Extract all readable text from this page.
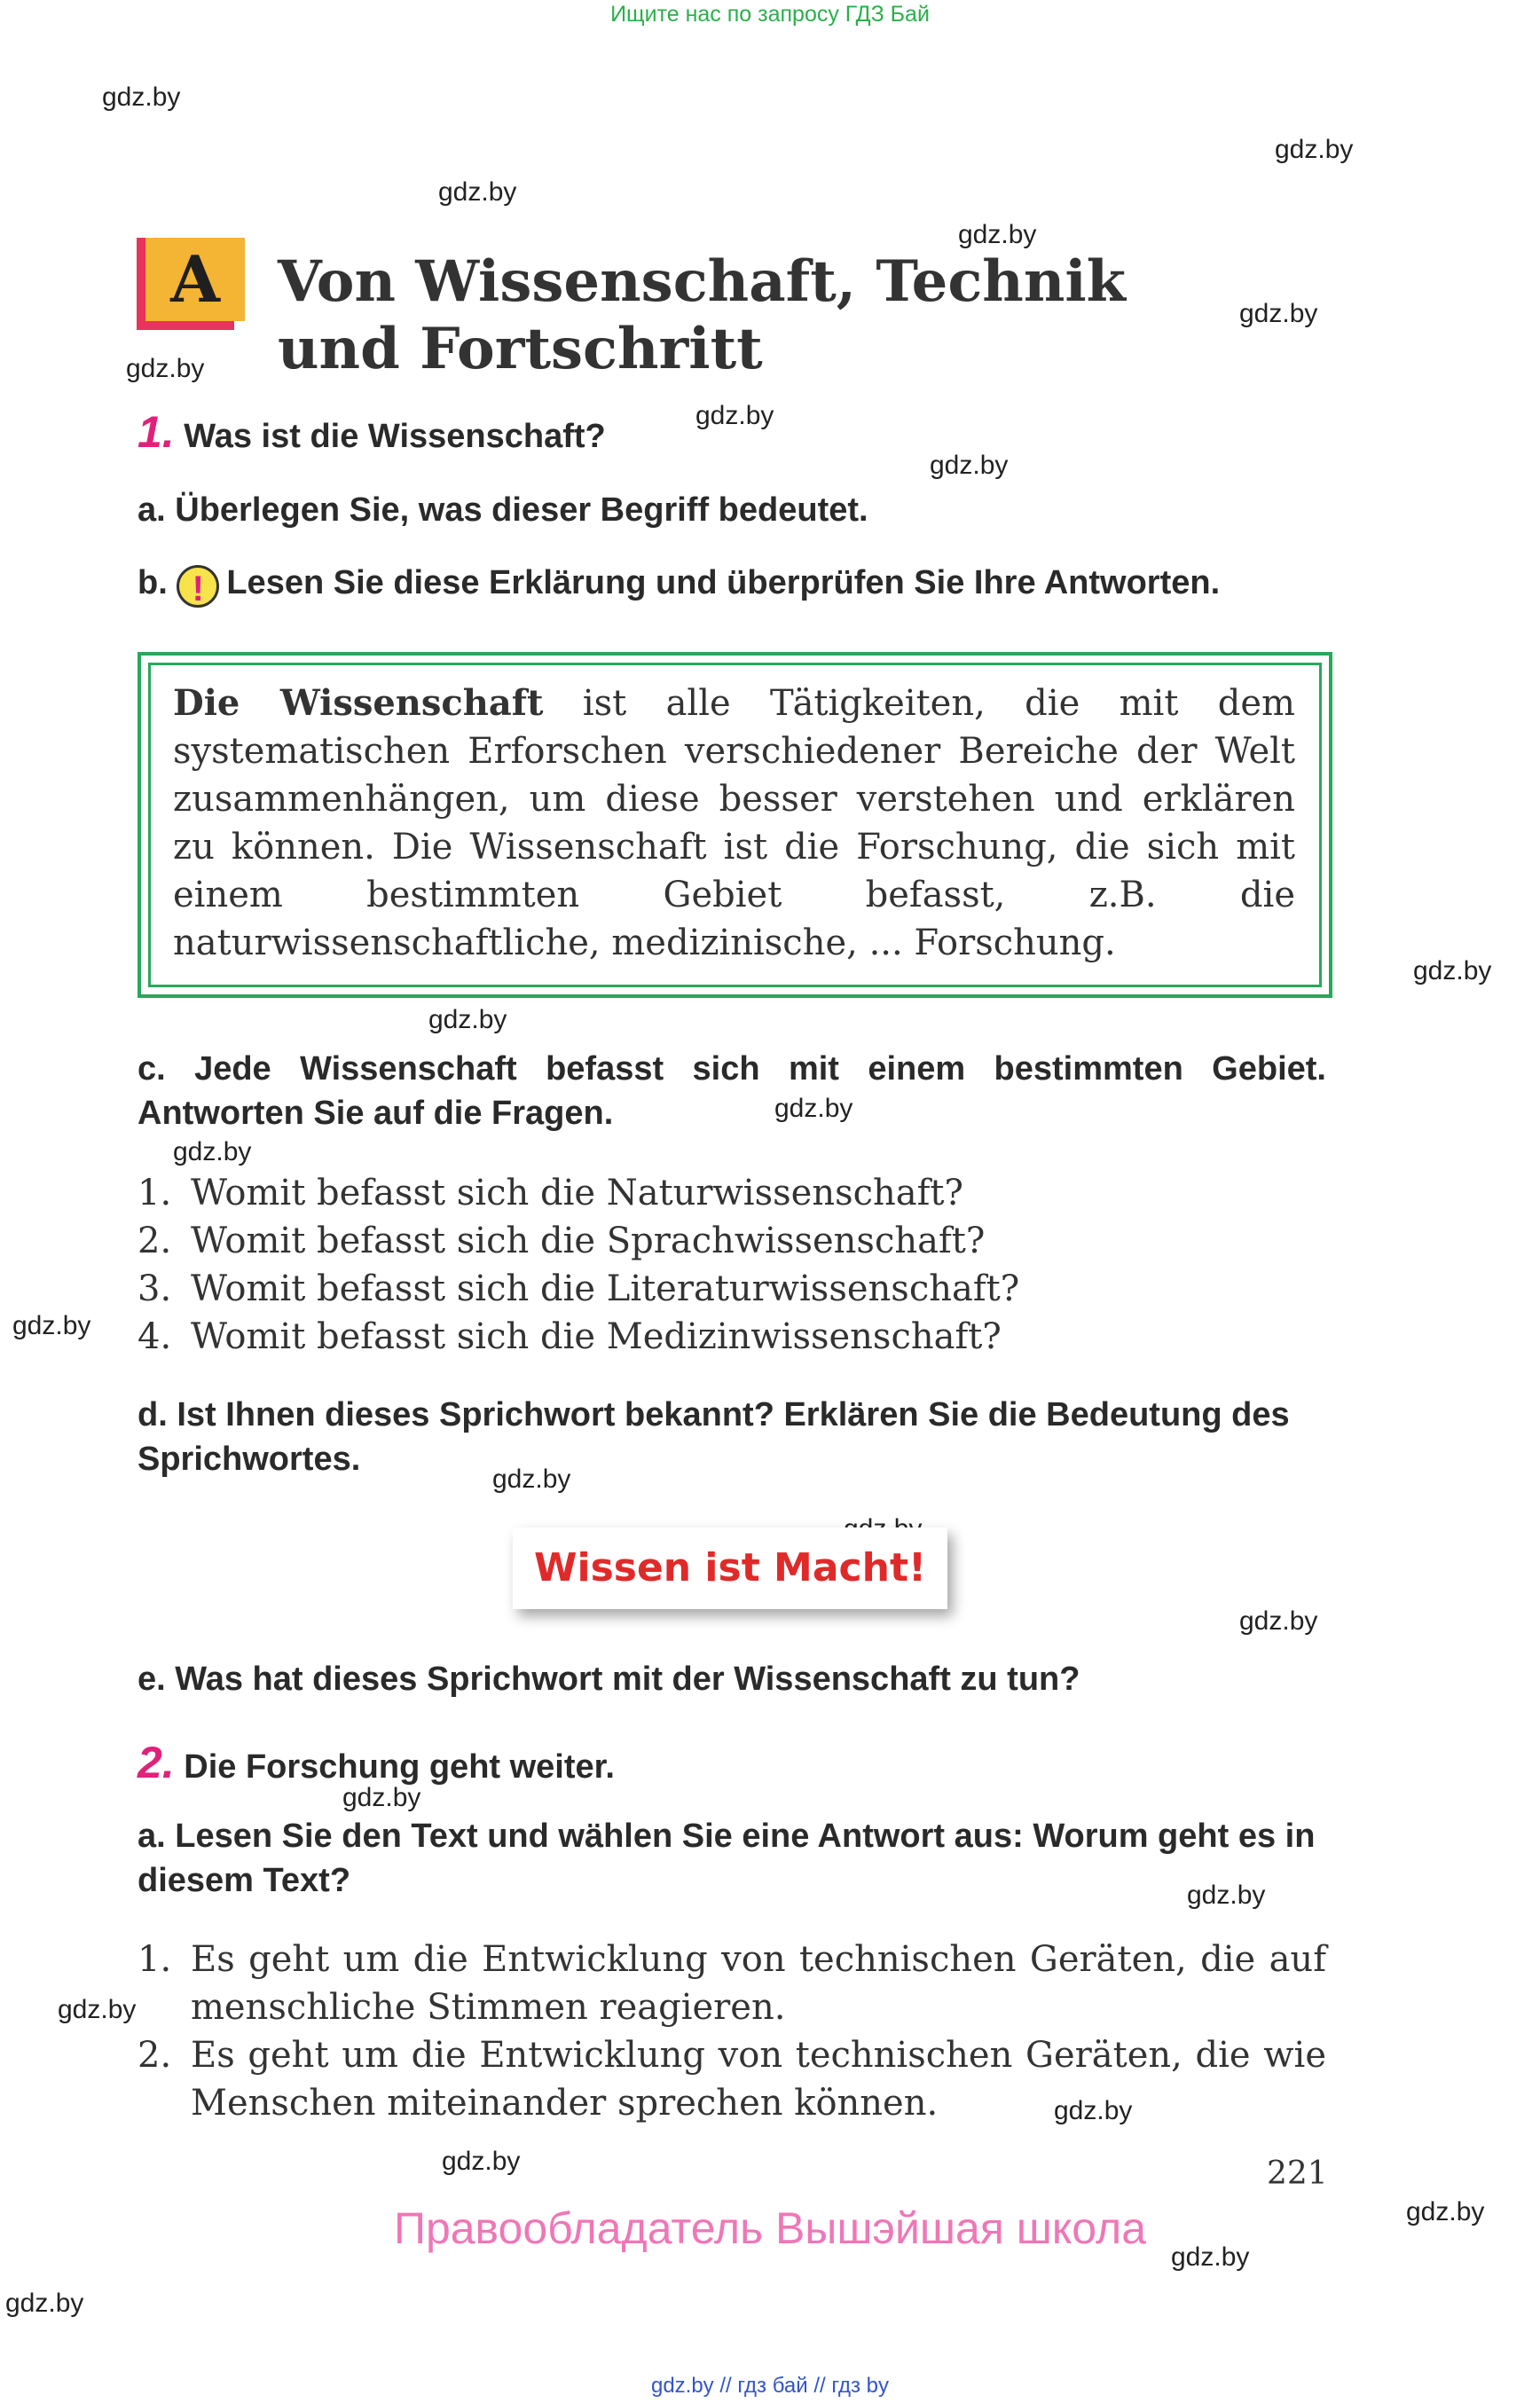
Ищите нас по запросу ГДЗ Бай
gdz.by
gdz.by
gdz.by
gdz.by
gdz.by
gdz.by
gdz.by
gdz.by
gdz.by
gdz.by
gdz.by
gdz.by
gdz.by
gdz.by
gdz.by
gdz.by
gdz.by
gdz.by
gdz.by
gdz.by
gdz.by
gdz.by
gdz.by
A	Von Wissenschaft, Technik
und Fortschritt
1. Was ist die Wissenschaft?
a. Überlegen Sie, was dieser Begriff bedeutet.
b. ! Lesen Sie diese Erklärung und überprüfen Sie Ihre Antworten.
Die Wissenschaft ist alle Tätigkeiten, die mit dem systematischen Erforschen verschiedener Bereiche der Welt zusammenhängen, um diese besser verstehen und erklären zu können. Die Wissenschaft ist die Forschung, die sich mit einem bestimmten Gebiet befasst, z.B. die naturwissenschaftliche, medizinische, ... Forschung.
c. Jede Wissenschaft befasst sich mit einem bestimmten Gebiet. Antworten Sie auf die Fragen.
1. Womit befasst sich die Naturwissenschaft?
2. Womit befasst sich die Sprachwissenschaft?
3. Womit befasst sich die Literaturwissenschaft?
4. Womit befasst sich die Medizinwissenschaft?
d. Ist Ihnen dieses Sprichwort bekannt? Erklären Sie die Bedeutung des Sprichwortes.
Wissen ist Macht!
e. Was hat dieses Sprichwort mit der Wissenschaft zu tun?
2. Die Forschung geht weiter.
a. Lesen Sie den Text und wählen Sie eine Antwort aus: Worum geht es in diesem Text?
1. Es geht um die Entwicklung von technischen Geräten, die auf menschliche Stimmen reagieren.
2. Es geht um die Entwicklung von technischen Geräten, die wie Menschen miteinander sprechen können.
221
Правообладатель Вышэйшая школа
gdz.by // гдз бай // гдз by
